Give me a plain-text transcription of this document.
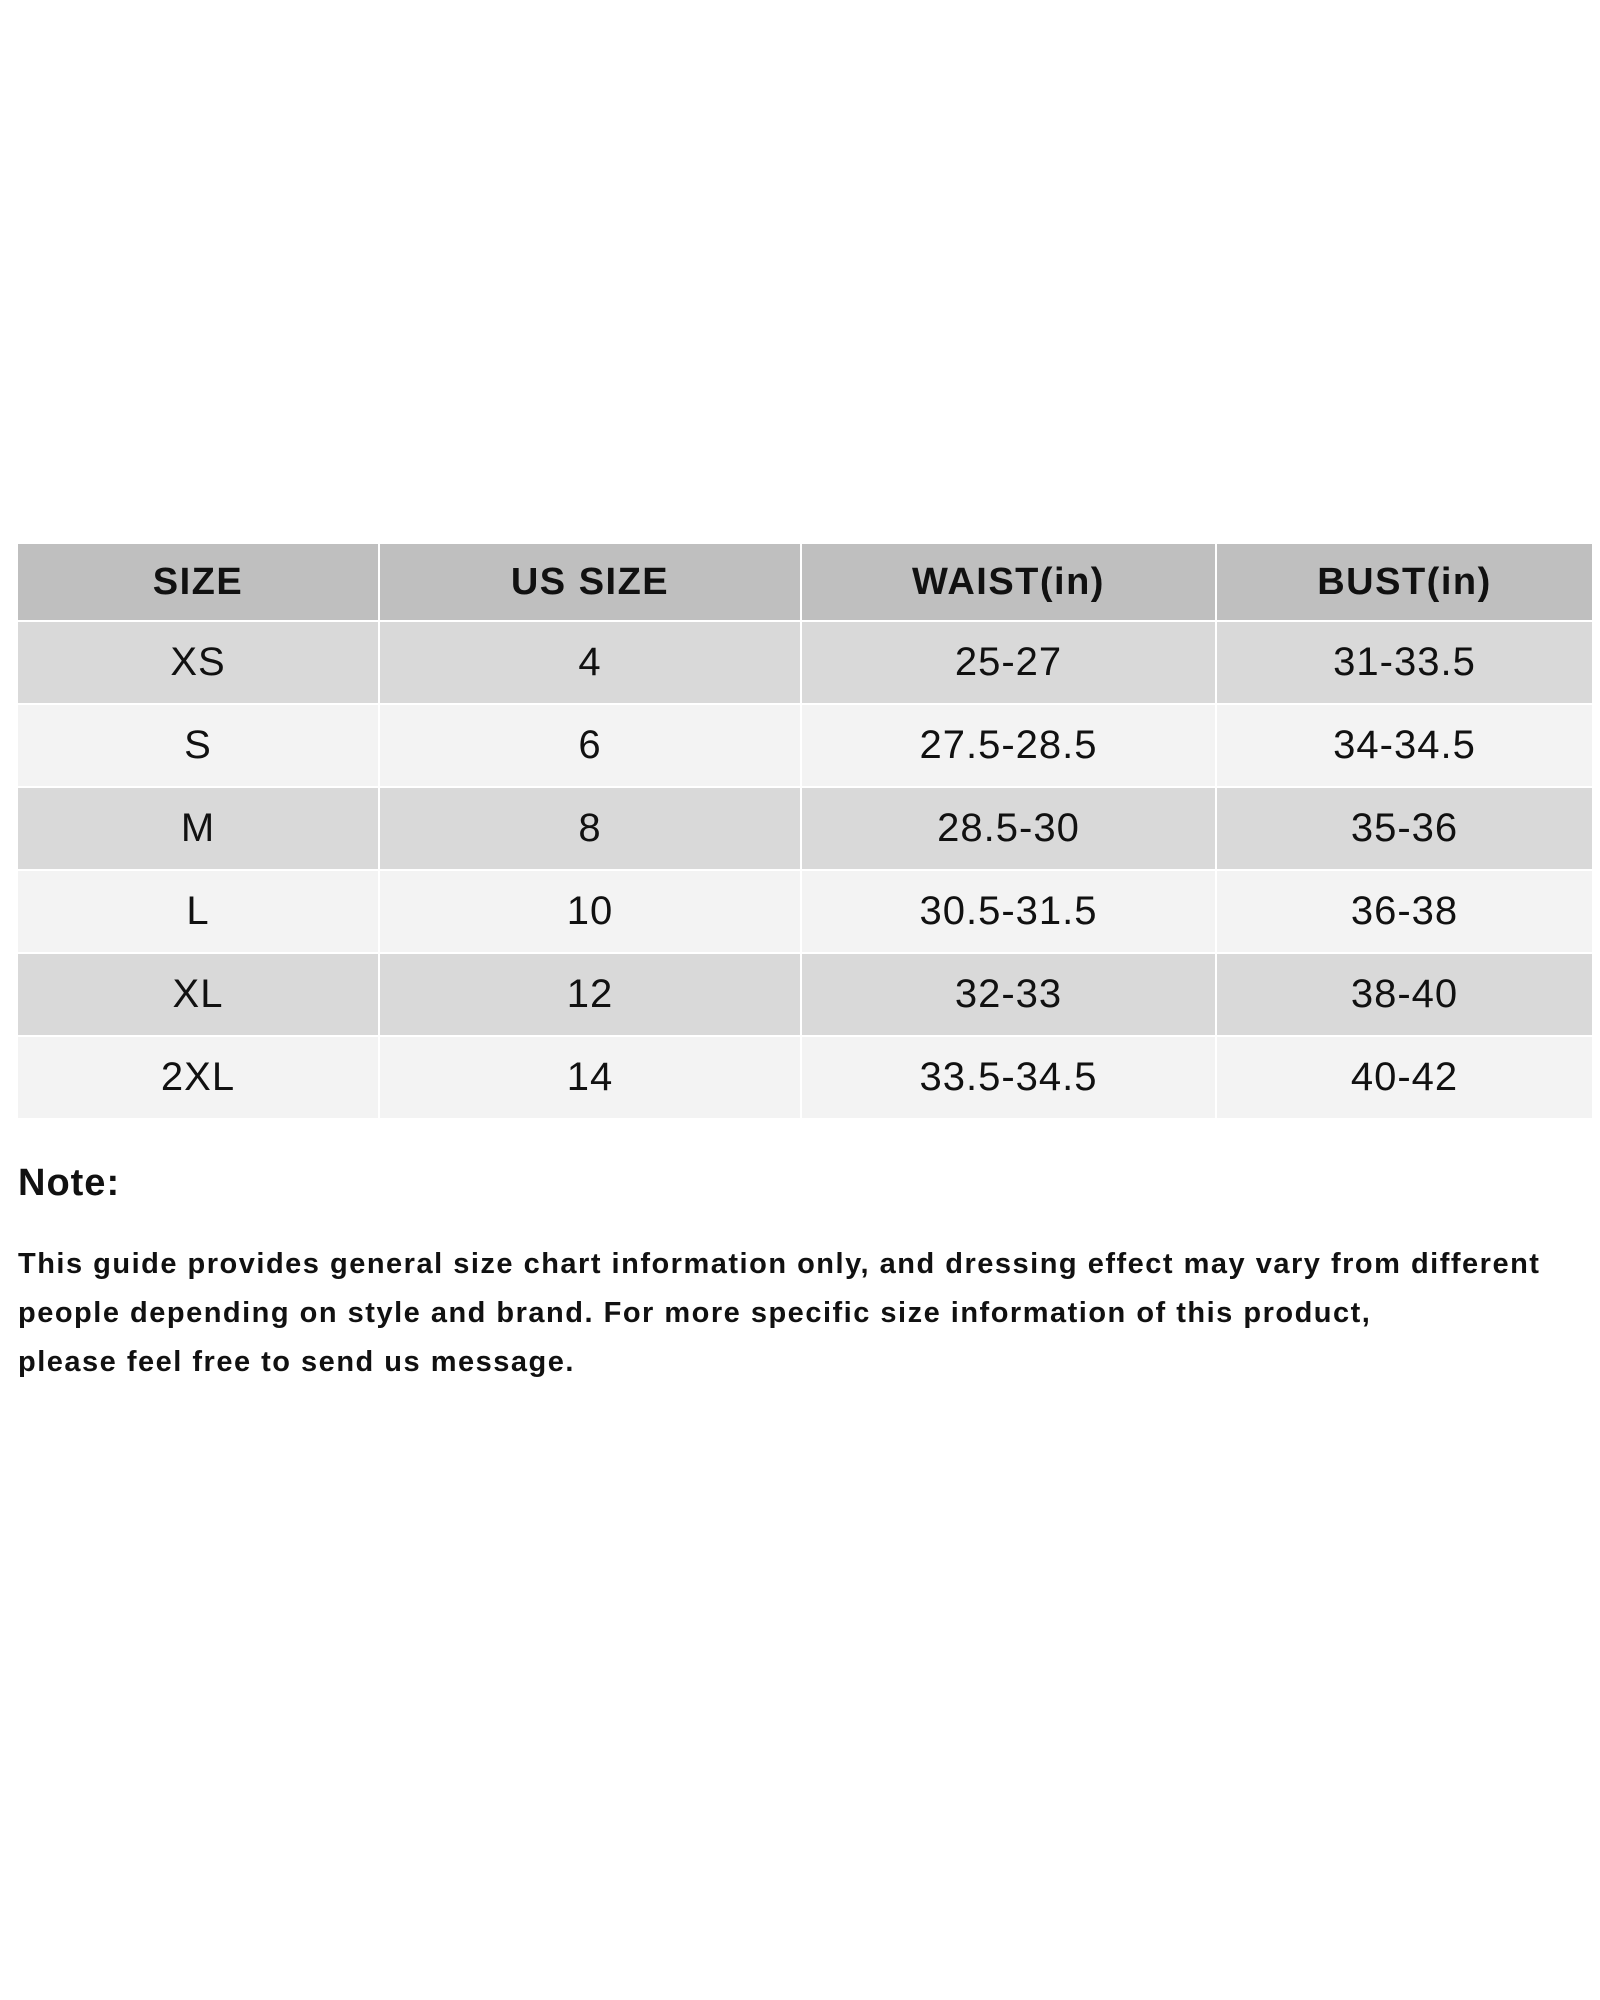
SIZE	US SIZE	WAIST(in)	BUST(in)
XS	4	25-27	31-33.5
S	6	27.5-28.5	34-34.5
M	8	28.5-30	35-36
L	10	30.5-31.5	36-38
XL	12	32-33	38-40
2XL	14	33.5-34.5	40-42
Note:

This guide provides general size chart information only, and dressing effect may vary from different
people depending on style and brand. For more specific size information of this product,
please feel free to send us message.
